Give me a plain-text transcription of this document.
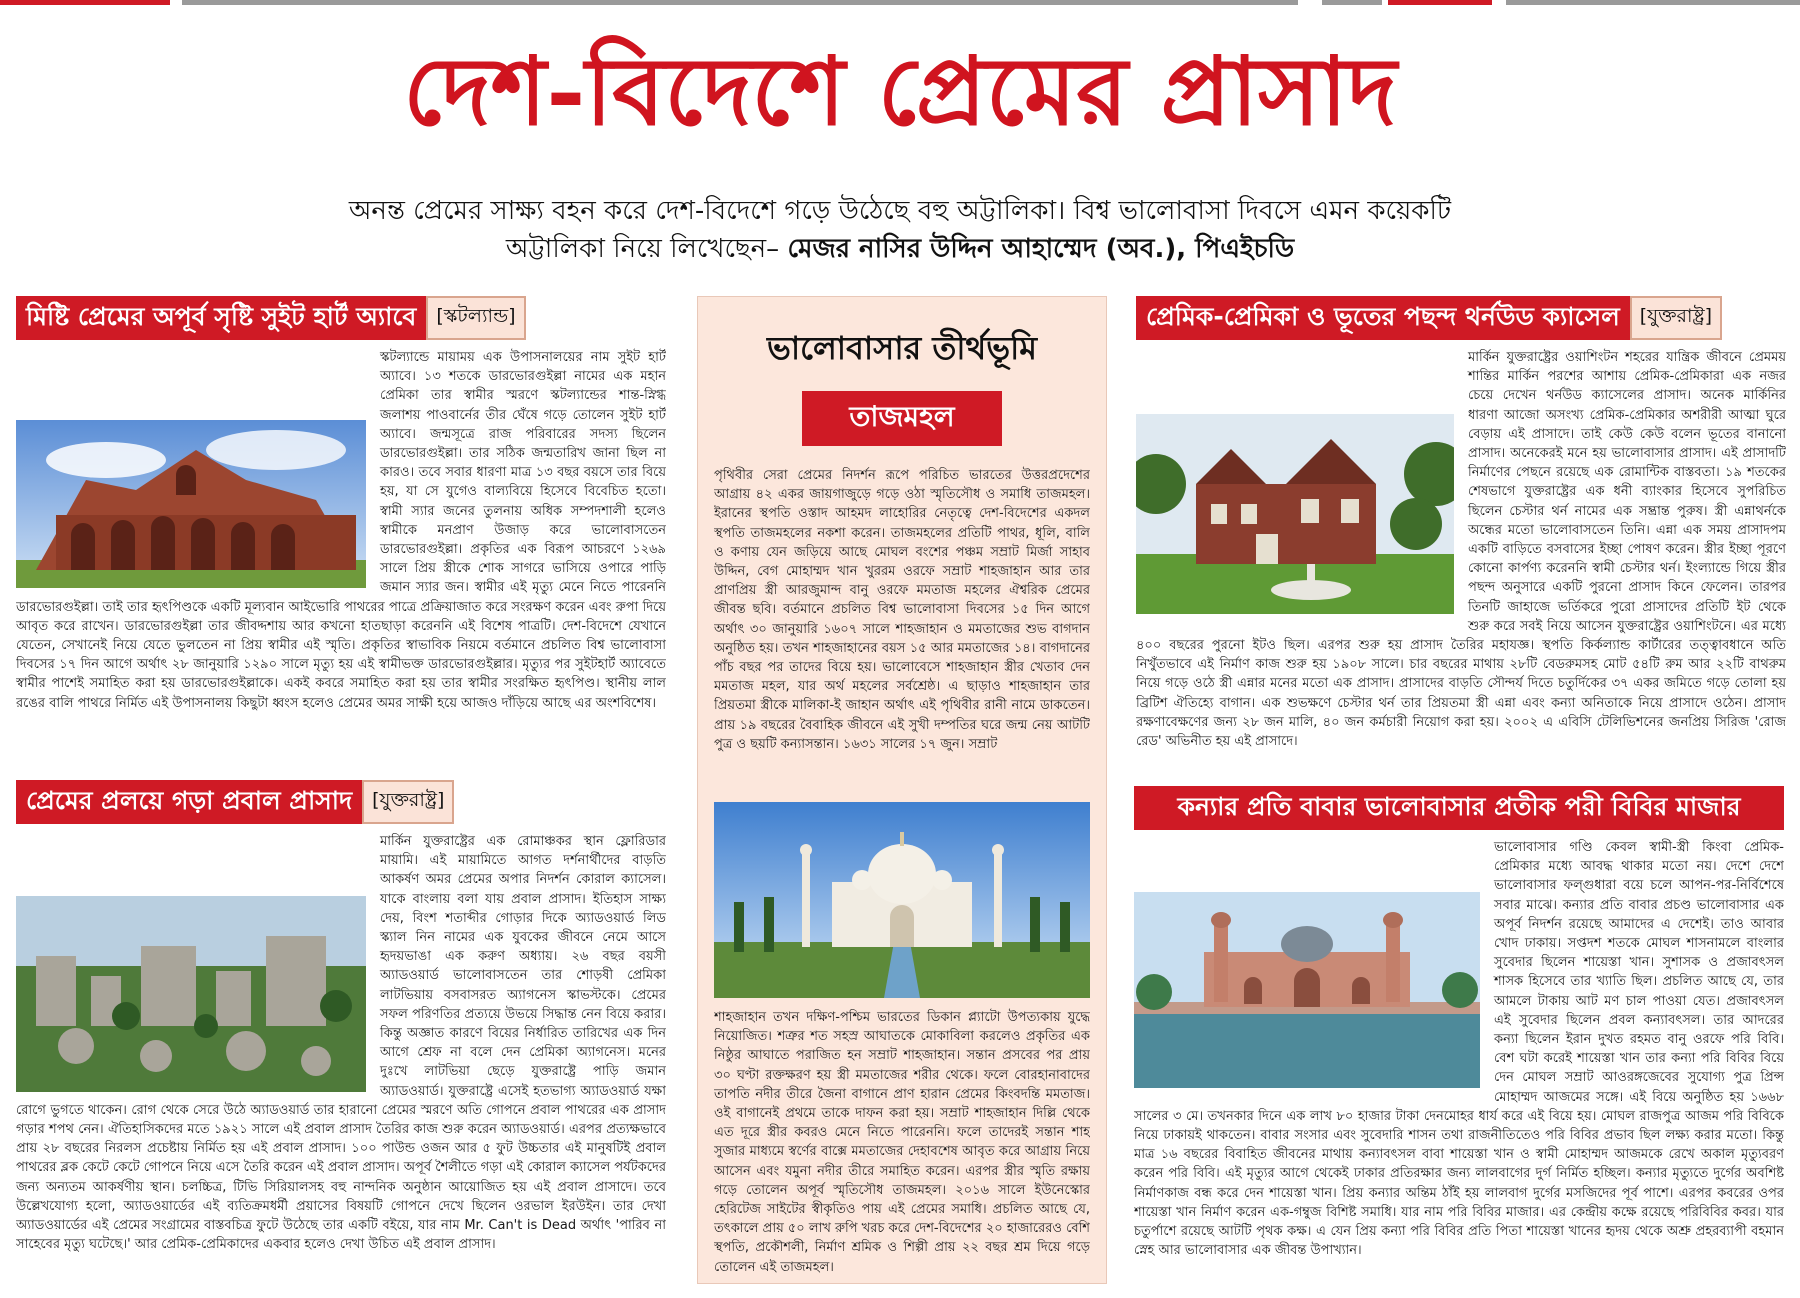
দেশ-বিদেশে প্রেমের প্রাসাদ
অনন্ত প্রেমের সাক্ষ্য বহন করে দেশ-বিদেশে গড়ে উঠেছে বহু অট্টালিকা। বিশ্ব ভালোবাসা দিবসে এমন কয়েকটি
অট্টালিকা নিয়ে লিখেছেন– মেজর নাসির উদ্দিন আহাম্মেদ (অব.), পিএইচডি
মিষ্টি প্রেমের অপূর্ব সৃষ্টি সুইট হার্ট অ্যাবে	[স্কটল্যান্ড]
স্কটল্যান্ডে মায়াময় এক উপাসনালয়ের নাম সুইট হার্ট অ্যাবে। ১৩ শতকে ডারভোরগুইল্লা নামের এক মহান প্রেমিকা তার স্বামীর স্মরণে স্কটল্যান্ডের শান্ত-স্নিগ্ধ জলাশয় পাওবার্নের তীর ঘেঁষে গড়ে তোলেন সুইট হার্ট অ্যাবে। জন্মসূত্রে রাজ পরিবারের সদস্য ছিলেন ডারভোরগুইল্লা। তার সঠিক জন্মতারিখ জানা ছিল না কারও। তবে সবার ধারণা মাত্র ১৩ বছর বয়সে তার বিয়ে হয়, যা সে যুগেও বাল্যবিয়ে হিসেবে বিবেচিত হতো। স্বামী স্যার জনের তুলনায় অধিক সম্পদশালী হলেও স্বামীকে মনপ্রাণ উজাড় করে ভালোবাসতেন ডারভোরগুইল্লা। প্রকৃতির এক বিরূপ আচরণে ১২৬৯ সালে প্রিয় স্ত্রীকে শোক সাগরে ভাসিয়ে ওপারে পাড়ি জমান স্যার জন। স্বামীর এই মৃত্যু মেনে নিতে পারেননি ডারভোরগুইল্লা। তাই তার হৃৎপিণ্ডকে একটি মূল্যবান আইভোরি পাথরের পাত্রে প্রক্রিয়াজাত করে সংরক্ষণ করেন এবং রুপা দিয়ে আবৃত করে রাখেন। ডারভোরগুইল্লা তার জীবদ্দশায় আর কখনো হাতছাড়া করেননি এই বিশেষ পাত্রটি। দেশ-বিদেশে যেখানে যেতেন, সেখানেই নিয়ে যেতে ভুলতেন না প্রিয় স্বামীর এই স্মৃতি। প্রকৃতির স্বাভাবিক নিয়মে বর্তমানে প্রচলিত বিশ্ব ভালোবাসা দিবসের ১৭ দিন আগে অর্থাৎ ২৮ জানুয়ারি ১২৯০ সালে মৃত্যু হয় এই স্বামীভক্ত ডারভোরগুইল্লার। মৃত্যুর পর সুইটহার্ট অ্যাবেতে স্বামীর পাশেই সমাহিত করা হয় ডারভোরগুইল্লাকে। একই কবরে সমাহিত করা হয় তার স্বামীর সংরক্ষিত হৃৎপিণ্ড। স্থানীয় লাল রঙের বালি পাথরে নির্মিত এই উপাসনালয় কিছুটা ধ্বংস হলেও প্রেমের অমর সাক্ষী হয়ে আজও দাঁড়িয়ে আছে এর অংশবিশেষ।
প্রেমের প্রলয়ে গড়া প্রবাল প্রাসাদ	[যুক্তরাষ্ট্র]
মার্কিন যুক্তরাষ্ট্রের এক রোমাঞ্চকর স্থান ফ্লোরিডার মায়ামি। এই মায়ামিতে আগত দর্শনার্থীদের বাড়তি আকর্ষণ অমর প্রেমের অপার নিদর্শন কোরাল ক্যাসেল। যাকে বাংলায় বলা যায় প্রবাল প্রাসাদ। ইতিহাস সাক্ষ্য দেয়, বিংশ শতাব্দীর গোড়ার দিকে অ্যাডওয়ার্ড লিড স্ক্যাল নিন নামের এক যুবকের জীবনে নেমে আসে হৃদয়ভাঙা এক করুণ অধ্যায়। ২৬ বছর বয়সী অ্যাডওয়ার্ড ভালোবাসতেন তার শোড়ষী প্রেমিকা লাটভিয়ায় বসবাসরত অ্যাগনেস স্কাভস্টকে। প্রেমের সফল পরিণতির প্রত্যয়ে উভয়ে সিদ্ধান্ত নেন বিয়ে করার। কিন্তু অজ্ঞাত কারণে বিয়ের নির্ধারিত তারিখের এক দিন আগে শ্রেফ না বলে দেন প্রেমিকা অ্যাগনেস। মনের দুঃখে লাটভিয়া ছেড়ে যুক্তরাষ্ট্রে পাড়ি জমান অ্যাডওয়ার্ড। যুক্তরাষ্ট্রে এসেই হতভাগ্য অ্যাডওয়ার্ড যক্ষা রোগে ভুগতে থাকেন। রোগ থেকে সেরে উঠে অ্যাডওয়ার্ড তার হারানো প্রেমের স্মরণে অতি গোপনে প্রবাল পাথরের এক প্রাসাদ গড়ার শপথ নেন। ঐতিহাসিকদের মতে ১৯২১ সালে এই প্রবাল প্রাসাদ তৈরির কাজ শুরু করেন অ্যাডওয়ার্ড। এরপর প্রত্যক্ষভাবে প্রায় ২৮ বছরের নিরলস প্রচেষ্টায় নির্মিত হয় এই প্রবাল প্রাসাদ। ১০০ পাউন্ড ওজন আর ৫ ফুট উচ্চতার এই মানুষটিই প্রবাল পাথরের ব্লক কেটে কেটে গোপনে নিয়ে এসে তৈরি করেন এই প্রবাল প্রাসাদ। অপূর্ব শৈলীতে গড়া এই কোরাল ক্যাসেল পর্যটকদের জন্য অন্যতম আকর্ষণীয় স্থান। চলচ্চিত্র, টিভি সিরিয়ালসহ বহু নান্দনিক অনুষ্ঠান আয়োজিত হয় এই প্রবাল প্রাসাদে। তবে উল্লেখযোগ্য হলো, অ্যাডওয়ার্ডের এই ব্যতিক্রমধর্মী প্রয়াসের বিষয়টি গোপনে দেখে ছিলেন ওরভাল ইরউইন। তার দেখা অ্যাডওয়ার্ডের এই প্রেমের সংগ্রামের বাস্তবচিত্র ফুটে উঠেছে তার একটি বইয়ে, যার নাম Mr. Can't is Dead অর্থাৎ 'পারিব না সাহেবের মৃত্যু ঘটেছে।' আর প্রেমিক-প্রেমিকাদের একবার হলেও দেখা উচিত এই প্রবাল প্রাসাদ।
ভালোবাসার তীর্থভূমি
তাজমহল
পৃথিবীর সেরা প্রেমের নিদর্শন রূপে পরিচিত ভারতের উত্তরপ্রদেশের আগ্রায় ৪২ একর জায়গাজুড়ে গড়ে ওঠা স্মৃতিসৌধ ও সমাধি তাজমহল। ইরানের স্থপতি ওস্তাদ আহমদ লাহোরির নেতৃত্বে দেশ-বিদেশের একদল স্থপতি তাজমহলের নকশা করেন। তাজমহলের প্রতিটি পাথর, ধূলি, বালি ও কণায় যেন জড়িয়ে আছে মোঘল বংশের পঞ্চম সম্রাট মির্জা সাহাব উদ্দিন, বেগ মোহাম্মদ খান খুররম ওরফে সম্রাট শাহজাহান আর তার প্রাণপ্রিয় স্ত্রী আরজুমান্দ বানু ওরফে মমতাজ মহলের ঐশ্বরিক প্রেমের জীবন্ত ছবি। বর্তমানে প্রচলিত বিশ্ব ভালোবাসা দিবসের ১৫ দিন আগে অর্থাৎ ৩০ জানুয়ারি ১৬০৭ সালে শাহজাহান ও মমতাজের শুভ বাগদান অনুষ্ঠিত হয়। তখন শাহজাহানের বয়স ১৫ আর মমতাজের ১৪। বাগদানের পাঁচ বছর পর তাদের বিয়ে হয়। ভালোবেসে শাহজাহান স্ত্রীর খেতাব দেন মমতাজ মহল, যার অর্থ মহলের সর্বশ্রেষ্ঠ। এ ছাড়াও শাহজাহান তার প্রিয়তমা স্ত্রীকে মালিকা-ই জাহান অর্থাৎ এই পৃথিবীর রানী নামে ডাকতেন। প্রায় ১৯ বছরের বৈবাহিক জীবনে এই সুখী দম্পতির ঘরে জন্ম নেয় আটটি পুত্র ও ছয়টি কন্যাসন্তান। ১৬৩১ সালের ১৭ জুন। সম্রাট
শাহজাহান তখন দক্ষিণ-পশ্চিম ভারতের ডিকান প্ল্যাটো উপত্যকায় যুদ্ধে নিয়োজিত। শত্রুর শত সহস্র আঘাতকে মোকাবিলা করলেও প্রকৃতির এক নিষ্ঠুর আঘাতে পরাজিত হন সম্রাট শাহজাহান। সন্তান প্রসবের পর প্রায় ৩০ ঘণ্টা রক্তক্ষরণ হয় স্ত্রী মমতাজের শরীর থেকে। ফলে বোরহানাবাদের তাপতি নদীর তীরে জৈনা বাগানে প্রাণ হারান প্রেমের কিংবদন্তি মমতাজ। ওই বাগানেই প্রথমে তাকে দাফন করা হয়। সম্রাট শাহজাহান দিল্লি থেকে এত দূরে স্ত্রীর কবরও মেনে নিতে পারেননি। ফলে তাদেরই সন্তান শাহ সুজার মাধ্যমে স্বর্ণের বাক্সে মমতাজের দেহাবশেষ আবৃত করে আগ্রায় নিয়ে আসেন এবং যমুনা নদীর তীরে সমাহিত করেন। এরপর স্ত্রীর স্মৃতি রক্ষায় গড়ে তোলেন অপূর্ব স্মৃতিসৌধ তাজমহল। ২০১৬ সালে ইউনেস্কোর হেরিটেজ সাইটের স্বীকৃতিও পায় এই প্রেমের সমাধি। প্রচলিত আছে যে, তৎকালে প্রায় ৫০ লাখ রুপি খরচ করে দেশ-বিদেশের ২০ হাজারেরও বেশি স্থপতি, প্রকৌশলী, নির্মাণ শ্রমিক ও শিল্পী প্রায় ২২ বছর শ্রম দিয়ে গড়ে তোলেন এই তাজমহল।
প্রেমিক-প্রেমিকা ও ভূতের পছন্দ থর্নউড ক্যাসেল	[যুক্তরাষ্ট্র]
মার্কিন যুক্তরাষ্ট্রের ওয়াশিংটন শহরের যান্ত্রিক জীবনে প্রেমময় শান্তির মার্কিন পরশের আশায় প্রেমিক-প্রেমিকারা এক নজর চেয়ে দেখেন থর্নউড ক্যাসেলের প্রাসাদ। অনেক মার্কিনির ধারণা আজো অসংখ্য প্রেমিক-প্রেমিকার অশরীরী আত্মা ঘুরে বেড়ায় এই প্রাসাদে। তাই কেউ কেউ বলেন ভূতের বানানো প্রাসাদ। অনেকেরই মনে হয় ভালোবাসার প্রাসাদ। এই প্রাসাদটি নির্মাণের পেছনে রয়েছে এক রোমান্টিক বাস্তবতা। ১৯ শতকের শেষভাগে যুক্তরাষ্ট্রের এক ধনী ব্যাংকার হিসেবে সুপরিচিত ছিলেন চেস্টার থর্ন নামের এক সম্ভ্রান্ত পুরুষ। স্ত্রী এন্নাথর্নকে অন্ধের মতো ভালোবাসতেন তিনি। এন্না এক সময় প্রাসাদপম একটি বাড়িতে বসবাসের ইচ্ছা পোষণ করেন। স্ত্রীর ইচ্ছা পূরণে কোনো কার্পণ্য করেননি স্বামী চেস্টার থর্ন। ইংল্যান্ডে গিয়ে স্ত্রীর পছন্দ অনুসারে একটি পুরনো প্রাসাদ কিনে ফেলেন। তারপর তিনটি জাহাজে ভর্তিকরে পুরো প্রাসাদের প্রতিটি ইট থেকে শুরু করে সবই নিয়ে আসেন যুক্তরাষ্ট্রের ওয়াশিংটনে। এর মধ্যে ৪০০ বছরের পুরনো ইটও ছিল। এরপর শুরু হয় প্রাসাদ তৈরির মহাযজ্ঞ। স্থপতি কির্কল্যান্ড কার্টারের তত্ত্বাবধানে অতি নিখুঁতভাবে এই নির্মাণ কাজ শুরু হয় ১৯০৮ সালে। চার বছরের মাথায় ২৮টি বেডরুমসহ মোট ৫৪টি রুম আর ২২টি বাথরুম নিয়ে গড়ে ওঠে স্ত্রী এন্নার মনের মতো এক প্রাসাদ। প্রাসাদের বাড়তি সৌন্দর্য দিতে চতুর্দিকের ৩৭ একর জমিতে গড়ে তোলা হয় ব্রিটিশ ঐতিহ্যে বাগান। এক শুভক্ষণে চেস্টার থর্ন তার প্রিয়তমা স্ত্রী এন্না এবং কন্যা অনিতাকে নিয়ে প্রাসাদে ওঠেন। প্রাসাদ রক্ষণাবেক্ষণের জন্য ২৮ জন মালি, ৪০ জন কর্মচারী নিয়োগ করা হয়। ২০০২ এ এবিসি টেলিভিশনের জনপ্রিয় সিরিজ 'রোজ রেড' অভিনীত হয় এই প্রাসাদে।
কন্যার প্রতি বাবার ভালোবাসার প্রতীক পরী বিবির মাজার
ভালোবাসার গণ্ডি কেবল স্বামী-স্ত্রী কিংবা প্রেমিক-প্রেমিকার মধ্যে আবদ্ধ থাকার মতো নয়। দেশে দেশে ভালোবাসার ফল্গুধারা বয়ে চলে আপন-পর-নির্বিশেষে সবার মাঝে। কন্যার প্রতি বাবার প্রচণ্ড ভালোবাসার এক অপূর্ব নিদর্শন রয়েছে আমাদের এ দেশেই। তাও আবার খোদ ঢাকায়। সপ্তদশ শতকে মোঘল শাসনামলে বাংলার সুবেদার ছিলেন শায়েস্তা খান। সুশাসক ও প্রজাবৎসল শাসক হিসেবে তার খ্যাতি ছিল। প্রচলিত আছে যে, তার আমলে টাকায় আট মণ চাল পাওয়া যেত। প্রজাবৎসল এই সুবেদার ছিলেন প্রবল কন্যাবৎসল। তার আদরের কন্যা ছিলেন ইরান দুখত রহমত বানু ওরফে পরি বিবি। বেশ ঘটা করেই শায়েস্তা খান তার কন্যা পরি বিবির বিয়ে দেন মোঘল সম্রাট আওরঙ্গজেবের সুযোগ্য পুত্র প্রিন্স মোহাম্মদ আজমের সঙ্গে। এই বিয়ে অনুষ্ঠিত হয় ১৬৬৮ সালের ৩ মে। তখনকার দিনে এক লাখ ৮০ হাজার টাকা দেনমোহর ধার্য করে এই বিয়ে হয়। মোঘল রাজপুত্র আজম পরি বিবিকে নিয়ে ঢাকায়ই থাকতেন। বাবার সংসার এবং সুবেদারি শাসন তথা রাজনীতিতেও পরি বিবির প্রভাব ছিল লক্ষ্য করার মতো। কিন্তু মাত্র ১৬ বছরের বিবাহিত জীবনের মাথায় কন্যাবৎসল বাবা শায়েস্তা খান ও স্বামী মোহাম্মদ আজমকে রেখে অকাল মৃত্যুবরণ করেন পরি বিবি। এই মৃত্যুর আগে থেকেই ঢাকার প্রতিরক্ষার জন্য লালবাগের দুর্গ নির্মিত হচ্ছিল। কন্যার মৃত্যুতে দুর্গের অবশিষ্ট নির্মাণকাজ বন্ধ করে দেন শায়েস্তা খান। প্রিয় কন্যার অন্তিম ঠাঁই হয় লালবাগ দুর্গের মসজিদের পূর্ব পাশে। এরপর কবরের ওপর শায়েস্তা খান নির্মাণ করেন এক-গম্বুজ বিশিষ্ট সমাধি। যার নাম পরি বিবির মাজার। এর কেন্দ্রীয় কক্ষে রয়েছে পরিবিবির কবর। যার চতুর্পাশে রয়েছে আটটি পৃথক কক্ষ। এ যেন প্রিয় কন্যা পরি বিবির প্রতি পিতা শায়েস্তা খানের হৃদয় থেকে অশ্রু প্রহরব্যাপী বহমান স্নেহ আর ভালোবাসার এক জীবন্ত উপাখ্যান।
